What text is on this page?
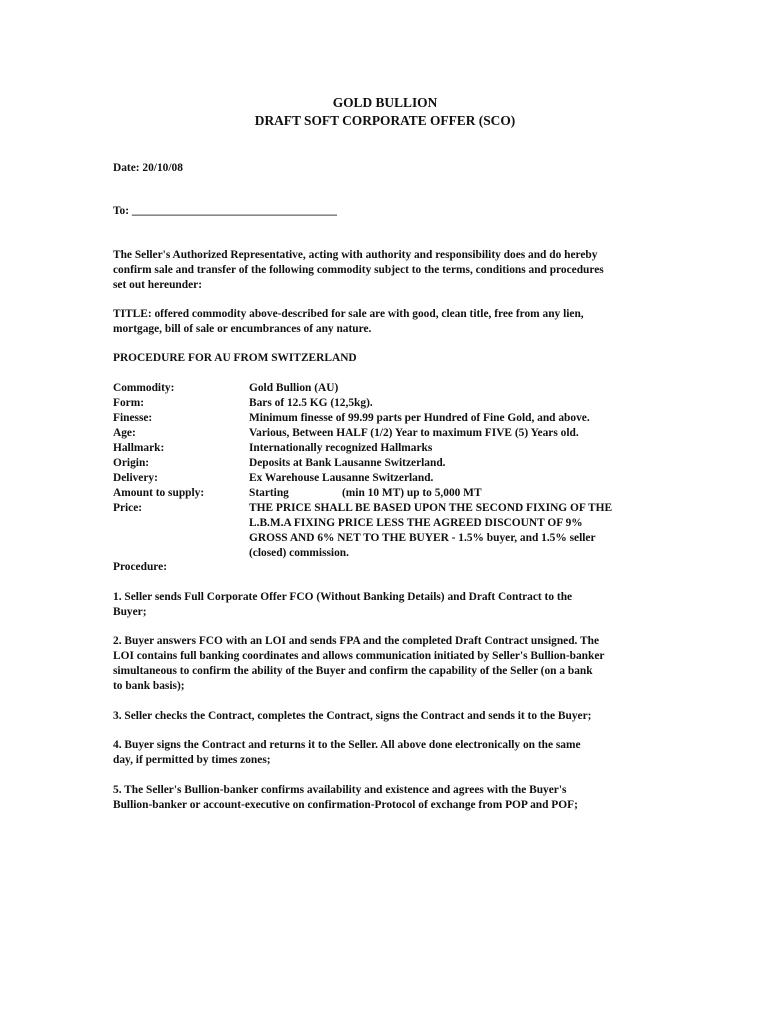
GOLD BULLION
DRAFT SOFT CORPORATE OFFER (SCO)
Date: 20/10/08
To: ____________________________________
The Seller's Authorized Representative, acting with authority and responsibility does and do hereby
confirm sale and transfer of the following commodity subject to the terms, conditions and procedures
set out hereunder:
TITLE: offered commodity above-described for sale are with good, clean title, free from any lien,
mortgage, bill of sale or encumbrances of any nature.
PROCEDURE FOR AU FROM SWITZERLAND
Commodity:	Gold Bullion (AU)
Form:	Bars of 12.5 KG (12,5kg).
Finesse:	Minimum finesse of 99.99 parts per Hundred of Fine Gold, and above.
Age:	Various, Between HALF (1/2) Year to maximum FIVE (5) Years old.
Hallmark:	Internationally recognized Hallmarks
Origin:	Deposits at Bank Lausanne Switzerland.
Delivery:	Ex Warehouse Lausanne Switzerland.
Amount to supply:	Starting	(min 10 MT) up to 5,000 MT
Price:	THE PRICE SHALL BE BASED UPON THE SECOND FIXING OF THE
L.B.M.A FIXING PRICE LESS THE AGREED DISCOUNT OF 9%
GROSS AND 6% NET TO THE BUYER - 1.5% buyer, and 1.5% seller
(closed) commission.
Procedure:
1. Seller sends Full Corporate Offer FCO (Without Banking Details) and Draft Contract to the
Buyer;
2. Buyer answers FCO with an LOI and sends FPA and the completed Draft Contract unsigned. The
LOI contains full banking coordinates and allows communication initiated by Seller's Bullion-banker
simultaneous to confirm the ability of the Buyer and confirm the capability of the Seller (on a bank
to bank basis);
3. Seller checks the Contract, completes the Contract, signs the Contract and sends it to the Buyer;
4. Buyer signs the Contract and returns it to the Seller. All above done electronically on the same
day, if permitted by times zones;
5. The Seller's Bullion-banker confirms availability and existence and agrees with the Buyer's
Bullion-banker or account-executive on confirmation-Protocol of exchange from POP and POF;
